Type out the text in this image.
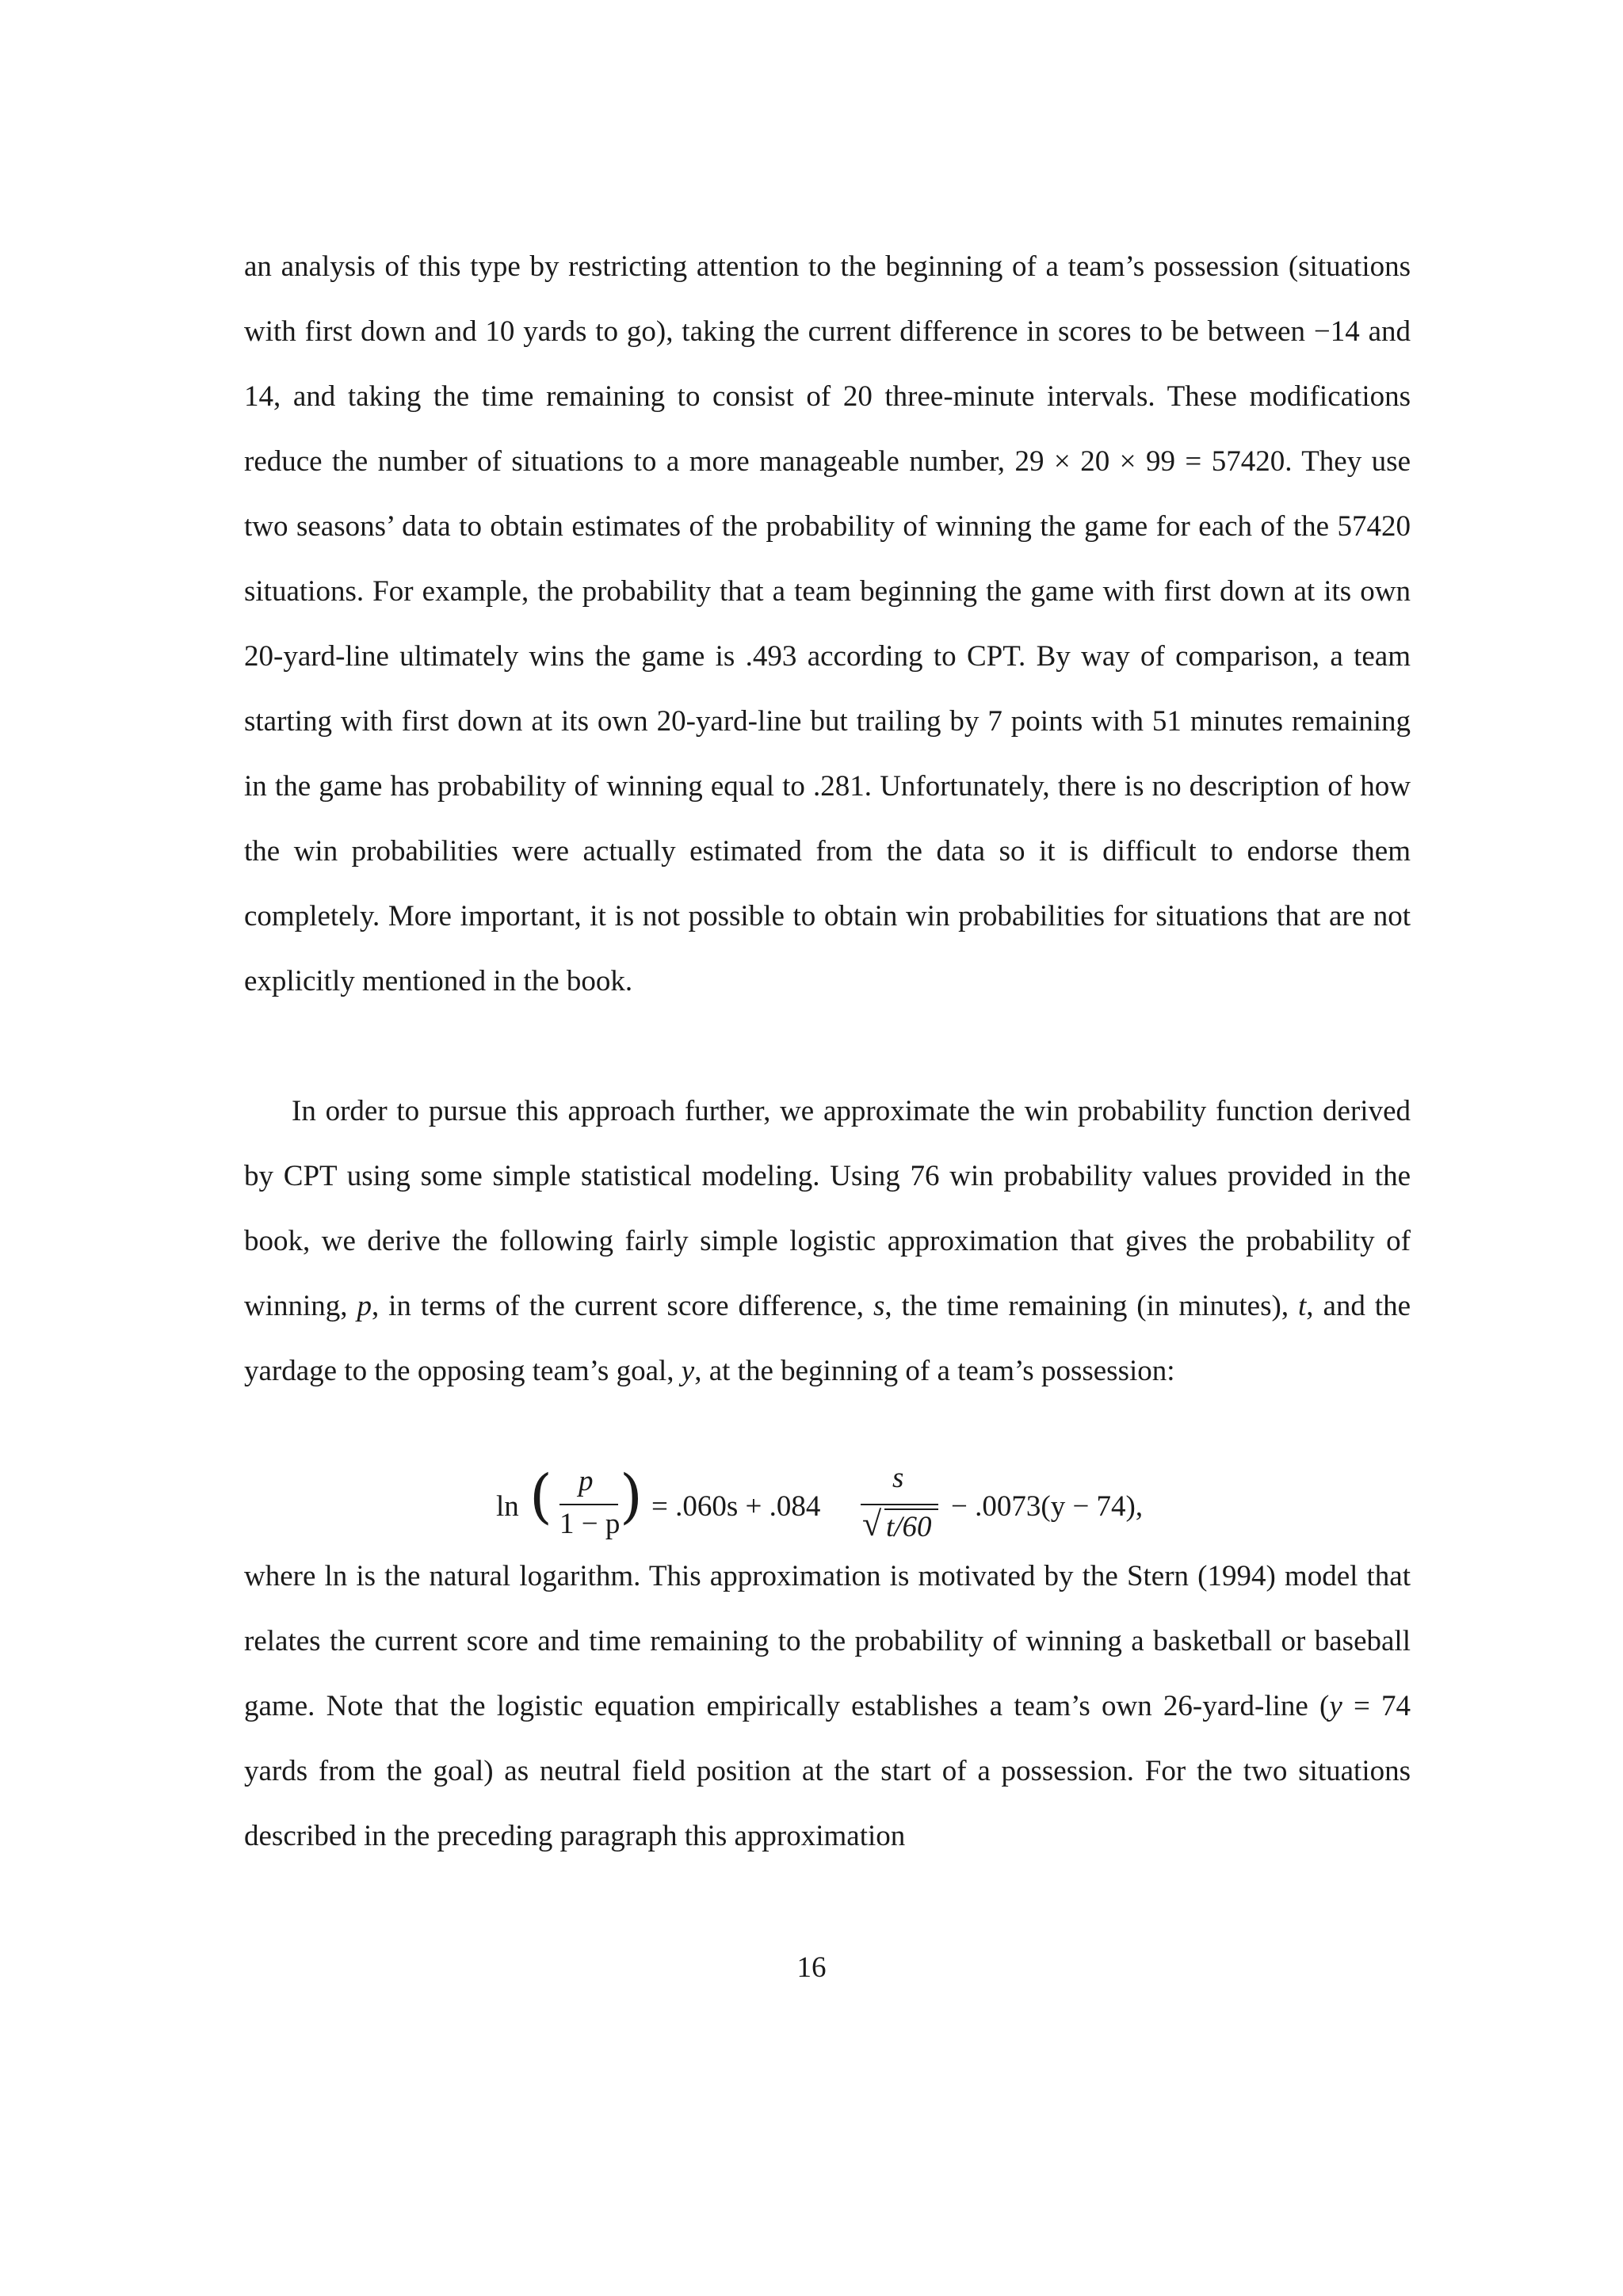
an analysis of this type by restricting attention to the beginning of a team’s possession (situations with first down and 10 yards to go), taking the current difference in scores to be between −14 and 14, and taking the time remaining to consist of 20 three-minute intervals. These modifications reduce the number of situations to a more manageable number, 29 × 20 × 99 = 57420. They use two seasons’ data to obtain estimates of the probability of winning the game for each of the 57420 situations. For example, the probability that a team beginning the game with first down at its own 20-yard-line ultimately wins the game is .493 according to CPT. By way of comparison, a team starting with first down at its own 20-yard-line but trailing by 7 points with 51 minutes remaining in the game has probability of winning equal to .281. Unfortunately, there is no description of how the win probabilities were actually estimated from the data so it is difficult to endorse them completely. More important, it is not possible to obtain win probabilities for situations that are not explicitly mentioned in the book.

In order to pursue this approach further, we approximate the win probability function derived by CPT using some simple statistical modeling. Using 76 win probability values provided in the book, we derive the following fairly simple logistic approximation that gives the probability of winning, p, in terms of the current score difference, s, the time remaining (in minutes), t, and the yardage to the opposing team’s goal, y, at the beginning of a team’s possession:

ln ( p
1 − p ) = .060s + .084
s
√ t/60
− .0073(y − 74),

where ln is the natural logarithm. This approximation is motivated by the Stern (1994) model that relates the current score and time remaining to the probability of winning a basketball or baseball game. Note that the logistic equation empirically establishes a team’s own 26-yard-line (y = 74 yards from the goal) as neutral field position at the start of a possession. For the two situations described in the preceding paragraph this approximation

16
